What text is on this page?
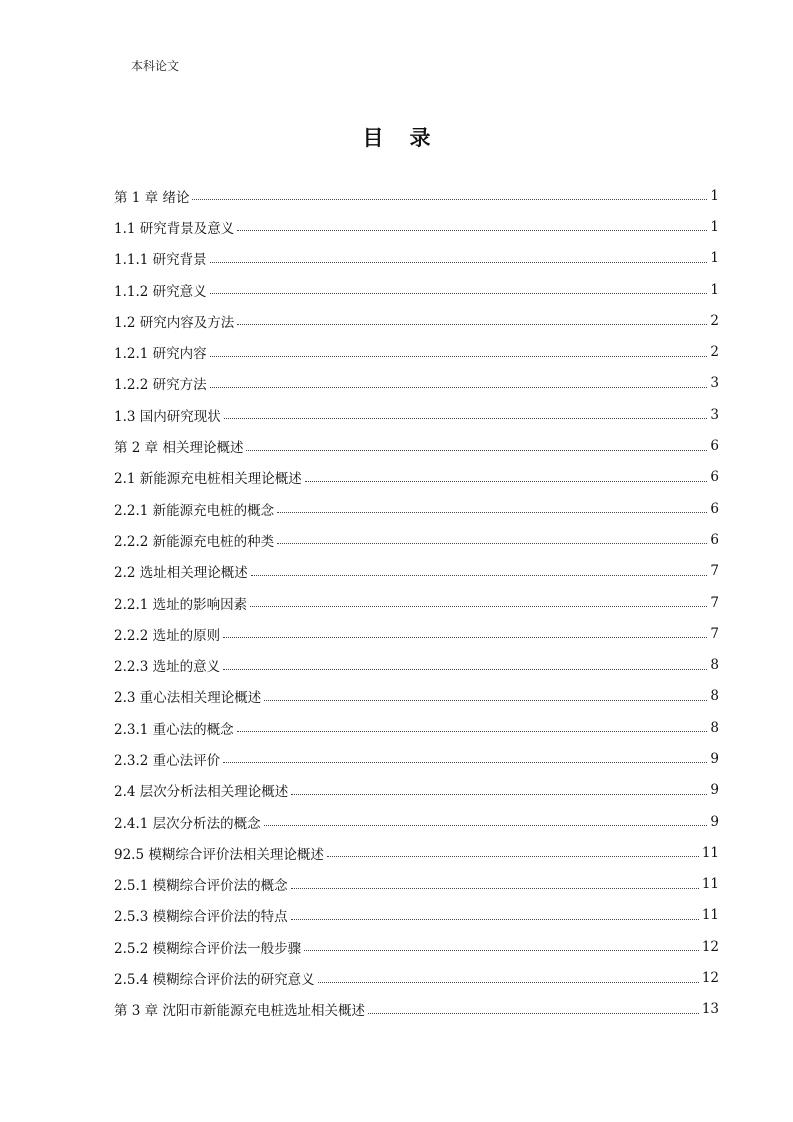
本科论文
目 录
第 1 章 绪论	1
1.1 研究背景及意义	1
1.1.1 研究背景	1
1.1.2 研究意义	1
1.2 研究内容及方法	2
1.2.1 研究内容	2
1.2.2 研究方法	3
1.3 国内研究现状	3
第 2 章 相关理论概述	6
2.1 新能源充电桩相关理论概述	6
2.2.1 新能源充电桩的概念	6
2.2.2 新能源充电桩的种类	6
2.2 选址相关理论概述	7
2.2.1 选址的影响因素	7
2.2.2 选址的原则	7
2.2.3 选址的意义	8
2.3 重心法相关理论概述	8
2.3.1 重心法的概念	8
2.3.2 重心法评价	9
2.4 层次分析法相关理论概述	9
2.4.1 层次分析法的概念	9
92.5 模糊综合评价法相关理论概述	11
2.5.1 模糊综合评价法的概念	11
2.5.3 模糊综合评价法的特点	11
2.5.2 模糊综合评价法一般步骤	12
2.5.4 模糊综合评价法的研究意义	12
第 3 章 沈阳市新能源充电桩选址相关概述	13
